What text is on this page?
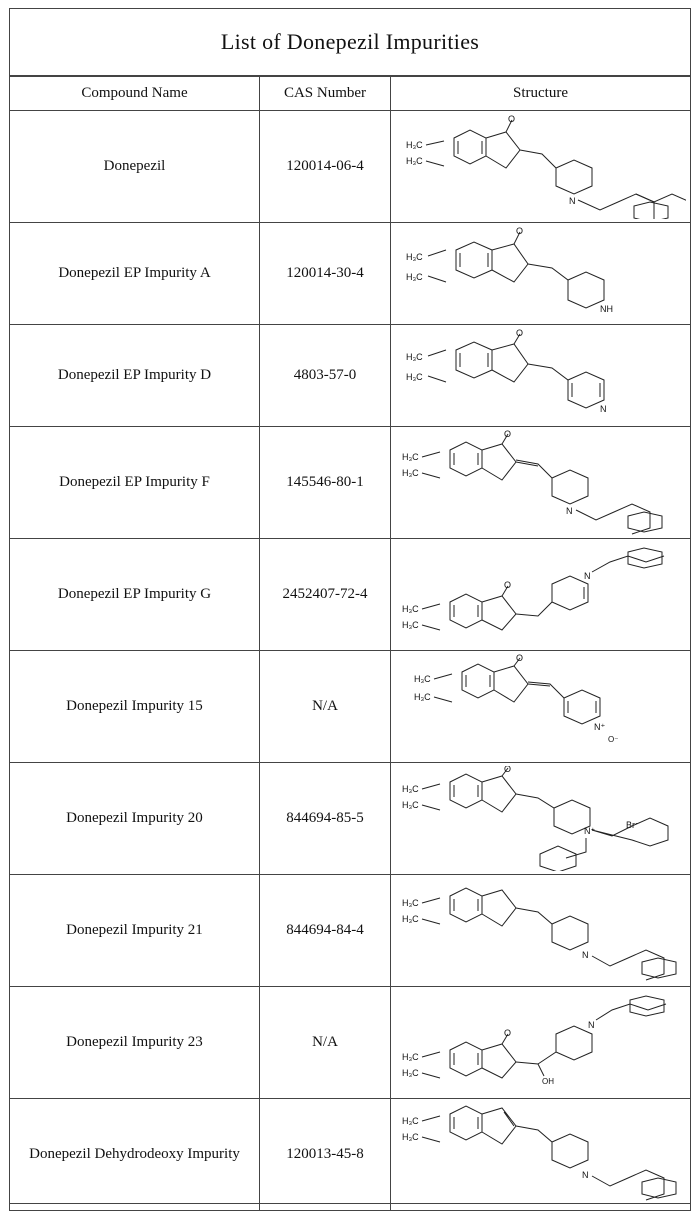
List of Donepezil Impurities
Compound Name	CAS Number	Structure
Donepezil	120014-06-4	H₃C
H₃C
O
N

Donepezil EP Impurity A	120014-30-4	H₃C
H₃C
O
NH

Donepezil EP Impurity D	4803-57-0	H₃C
H₃C
O
N

Donepezil EP Impurity F	145546-80-1	H₃C
H₃C
O
N

Donepezil EP Impurity G	2452407-72-4	H₃C
H₃C
O
N

Donepezil Impurity 15	N/A	H₃C
H₃C
O
N⁺
O⁻

Donepezil Impurity 20	844694-85-5	H₃C
H₃C
O
N⁺
Br⁻

Donepezil Impurity 21	844694-84-4	H₃C
H₃C
N

Donepezil Impurity 23	N/A	H₃C
H₃C
O
OH
N

Donepezil Dehydrodeoxy Impurity	120013-45-8	H₃C
H₃C
N
